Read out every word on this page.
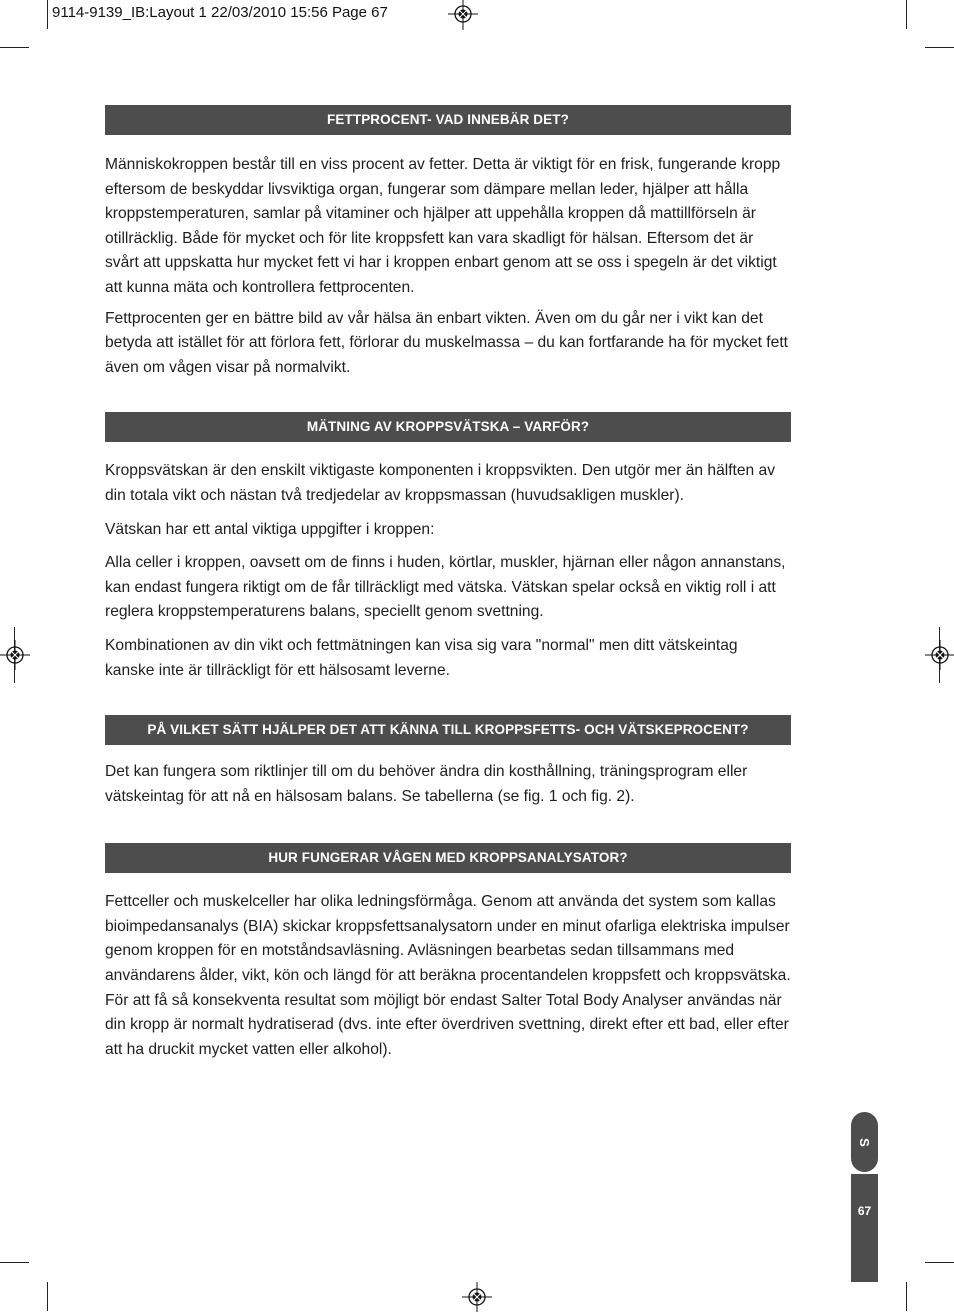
9114-9139_IB:Layout 1 22/03/2010 15:56 Page 67
FETTPROCENT- VAD INNEBÄR DET?

Människokroppen består till en viss procent av fetter. Detta är viktigt för en frisk, fungerande kropp eftersom de beskyddar livsviktiga organ, fungerar som dämpare mellan leder, hjälper att hålla kroppstemperaturen, samlar på vitaminer och hjälper att uppehålla kroppen då mattillförseln är otillräcklig. Både för mycket och för lite kroppsfett kan vara skadligt för hälsan. Eftersom det är svårt att uppskatta hur mycket fett vi har i kroppen enbart genom att se oss i spegeln är det viktigt att kunna mäta och kontrollera fettprocenten.

Fettprocenten ger en bättre bild av vår hälsa än enbart vikten. Även om du går ner i vikt kan det betyda att istället för att förlora fett, förlorar du muskelmassa – du kan fortfarande ha för mycket fett även om vågen visar på normalvikt.

MÄTNING AV KROPPSVÄTSKA – VARFÖR?

Kroppsvätskan är den enskilt viktigaste komponenten i kroppsvikten. Den utgör mer än hälften av din totala vikt och nästan två tredjedelar av kroppsmassan (huvudsakligen muskler).

Vätskan har ett antal viktiga uppgifter i kroppen:

Alla celler i kroppen, oavsett om de finns i huden, körtlar, muskler, hjärnan eller någon annanstans, kan endast fungera riktigt om de får tillräckligt med vätska. Vätskan spelar också en viktig roll i att reglera kroppstemperaturens balans, speciellt genom svettning.

Kombinationen av din vikt och fettmätningen kan visa sig vara "normal" men ditt vätskeintag kanske inte är tillräckligt för ett hälsosamt leverne.

PÅ VILKET SÄTT HJÄLPER DET ATT KÄNNA TILL KROPPSFETTS- OCH VÄTSKEPROCENT?

Det kan fungera som riktlinjer till om du behöver ändra din kosthållning, träningsprogram eller vätskeintag för att nå en hälsosam balans. Se tabellerna (se fig. 1 och fig. 2).

HUR FUNGERAR VÅGEN MED KROPPSANALYSATOR?

Fettceller och muskelceller har olika ledningsförmåga. Genom att använda det system som kallas bioimpedansanalys (BIA) skickar kroppsfettsanalysatorn under en minut ofarliga elektriska impulser genom kroppen för en motståndsavläsning. Avläsningen bearbetas sedan tillsammans med användarens ålder, vikt, kön och längd för att beräkna procentandelen kroppsfett och kroppsvätska. För att få så konsekventa resultat som möjligt bör endast Salter Total Body Analyser användas när din kropp är normalt hydratiserad (dvs. inte efter överdriven svettning, direkt efter ett bad, eller efter att ha druckit mycket vatten eller alkohol).

S
67
